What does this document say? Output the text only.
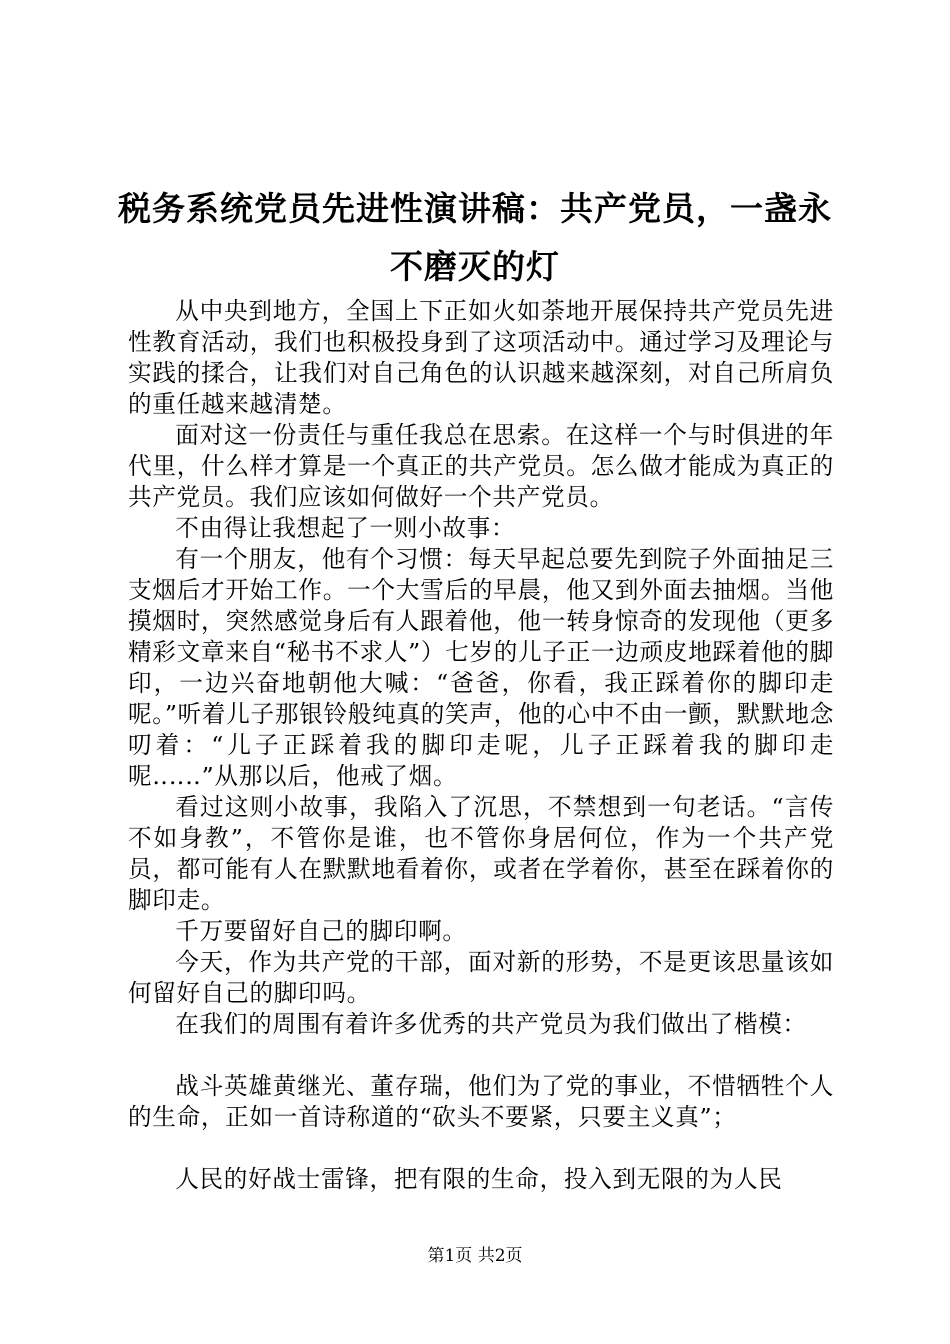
税务系统党员先进性演讲稿：共产党员，一盏永不磨灭的灯

从中央到地方，全国上下正如火如荼地开展保持共产党员先进性教育活动，我们也积极投身到了这项活动中。通过学习及理论与实践的揉合，让我们对自己角色的认识越来越深刻，对自己所肩负的重任越来越清楚。

面对这一份责任与重任我总在思索。在这样一个与时俱进的年代里，什么样才算是一个真正的共产党员。怎么做才能成为真正的共产党员。我们应该如何做好一个共产党员。

不由得让我想起了一则小故事：

有一个朋友，他有个习惯：每天早起总要先到院子外面抽足三支烟后才开始工作。一个大雪后的早晨，他又到外面去抽烟。当他摸烟时，突然感觉身后有人跟着他，他一转身惊奇的发现他（更多精彩文章来自“秘书不求人”）七岁的儿子正一边顽皮地踩着他的脚印，一边兴奋地朝他大喊：“爸爸，你看，我正踩着你的脚印走呢。”听着儿子那银铃般纯真的笑声，他的心中不由一颤，默默地念叨着：“儿子正踩着我的脚印走呢，儿子正踩着我的脚印走呢‥‥‥”从那以后，他戒了烟。

看过这则小故事，我陷入了沉思，不禁想到一句老话。“言传不如身教”，不管你是谁，也不管你身居何位，作为一个共产党员，都可能有人在默默地看着你，或者在学着你，甚至在踩着你的脚印走。

千万要留好自己的脚印啊。

今天，作为共产党的干部，面对新的形势，不是更该思量该如何留好自己的脚印吗。

在我们的周围有着许多优秀的共产党员为我们做出了楷模：

战斗英雄黄继光、董存瑞，他们为了党的事业，不惜牺牲个人的生命，正如一首诗称道的“砍头不要紧，只要主义真”；

人民的好战士雷锋，把有限的生命，投入到无限的为人民

第1页 共2页
